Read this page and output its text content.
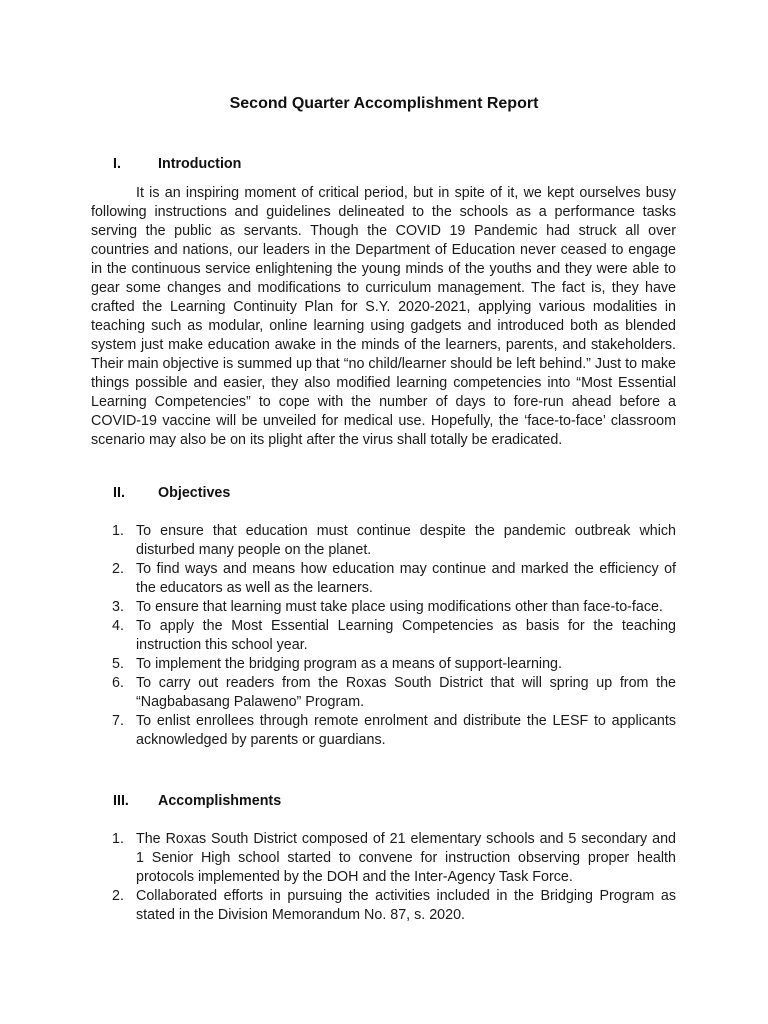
Second Quarter Accomplishment Report
I.	Introduction

It is an inspiring moment of critical period, but in spite of it, we kept ourselves busy following instructions and guidelines delineated to the schools as a performance tasks serving the public as servants. Though the COVID 19 Pandemic had struck all over countries and nations, our leaders in the Department of Education never ceased to engage in the continuous service enlightening the young minds of the youths and they were able to gear some changes and modifications to curriculum management. The fact is, they have crafted the Learning Continuity Plan for S.Y. 2020-2021, applying various modalities in teaching such as modular, online learning using gadgets and introduced both as blended system just make education awake in the minds of the learners, parents, and stakeholders. Their main objective is summed up that “no child/learner should be left behind.” Just to make things possible and easier, they also modified learning competencies into “Most Essential Learning Competencies” to cope with the number of days to fore-run ahead before a COVID-19 vaccine will be unveiled for medical use. Hopefully, the ‘face-to-face’ classroom scenario may also be on its plight after the virus shall totally be eradicated.

II. Objectives
1. To ensure that education must continue despite the pandemic outbreak which disturbed many people on the planet.
2. To find ways and means how education may continue and marked the efficiency of the educators as well as the learners.
3. To ensure that learning must take place using modifications other than face-to-face.
4. To apply the Most Essential Learning Competencies as basis for the teaching instruction this school year.
5. To implement the bridging program as a means of support-learning.
6. To carry out readers from the Roxas South District that will spring up from the “Nagbabasang Palaweno” Program.
7. To enlist enrollees through remote enrolment and distribute the LESF to applicants acknowledged by parents or guardians.
III. Accomplishments
1. The Roxas South District composed of 21 elementary schools and 5 secondary and 1 Senior High school started to convene for instruction observing proper health protocols implemented by the DOH and the Inter-Agency Task Force.
2. Collaborated efforts in pursuing the activities included in the Bridging Program as stated in the Division Memorandum No. 87, s. 2020.
